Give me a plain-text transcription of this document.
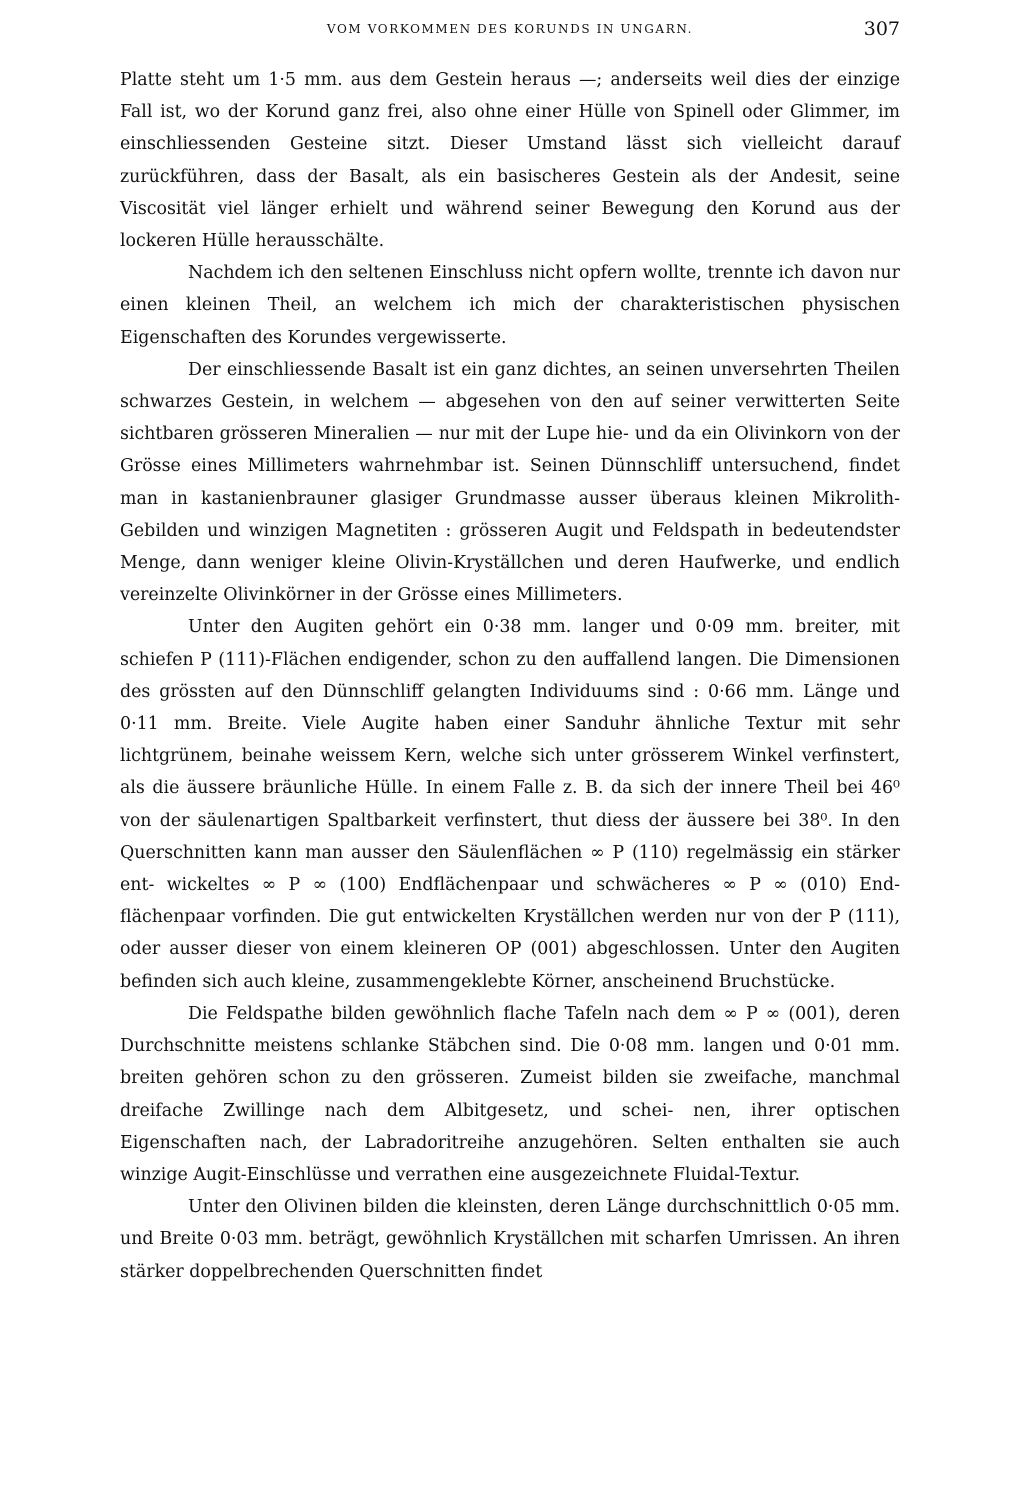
VOM VORKOMMEN DES KORUNDS IN UNGARN.	307

Platte steht um 1·5 mm. aus dem Gestein heraus —; anderseits weil dies der einzige Fall ist, wo der Korund ganz frei, also ohne einer Hülle von Spinell oder Glimmer, im einschliessenden Gesteine sitzt. Dieser Umstand lässt sich vielleicht darauf zurückführen, dass der Basalt, als ein basischeres Gestein als der Andesit, seine Viscosität viel länger erhielt und während seiner Bewegung den Korund aus der lockeren Hülle herausschälte.

Nachdem ich den seltenen Einschluss nicht opfern wollte, trennte ich davon nur einen kleinen Theil, an welchem ich mich der charakteristischen physischen Eigenschaften des Korundes vergewisserte.

Der einschliessende Basalt ist ein ganz dichtes, an seinen unversehrten Theilen schwarzes Gestein, in welchem — abgesehen von den auf seiner verwitterten Seite sichtbaren grösseren Mineralien — nur mit der Lupe hie- und da ein Olivinkorn von der Grösse eines Millimeters wahrnehmbar ist. Seinen Dünnschliff untersuchend, findet man in kastanienbrauner glasiger Grundmasse ausser überaus kleinen Mikrolith-Gebilden und winzigen Magnetiten : grösseren Augit und Feldspath in bedeutendster Menge, dann weniger kleine Olivin-Kryställchen und deren Haufwerke, und endlich vereinzelte Olivinkörner in der Grösse eines Millimeters.

Unter den Augiten gehört ein 0·38 mm. langer und 0·09 mm. breiter, mit schiefen P (111)-Flächen endigender, schon zu den auffallend langen. Die Dimensionen des grössten auf den Dünnschliff gelangten Individuums sind : 0·66 mm. Länge und 0·11 mm. Breite. Viele Augite haben einer Sanduhr ähnliche Textur mit sehr lichtgrünem, beinahe weissem Kern, welche sich unter grösserem Winkel verfinstert, als die äussere bräunliche Hülle. In einem Falle z. B. da sich der innere Theil bei 46⁰ von der säulenartigen Spaltbarkeit verfinstert, thut diess der äussere bei 38⁰. In den Querschnitten kann man ausser den Säulenflächen ∞ P (110) regelmässig ein stärker ent- wickeltes ∞ P ∞ (100) Endflächenpaar und schwächeres ∞ P ∞ (010) End- flächenpaar vorfinden. Die gut entwickelten Kryställchen werden nur von der P (111), oder ausser dieser von einem kleineren OP (001) abgeschlossen. Unter den Augiten befinden sich auch kleine, zusammengeklebte Körner, anscheinend Bruchstücke.

Die Feldspathe bilden gewöhnlich flache Tafeln nach dem ∞ P ∞ (001), deren Durchschnitte meistens schlanke Stäbchen sind. Die 0·08 mm. langen und 0·01 mm. breiten gehören schon zu den grösseren. Zumeist bilden sie zweifache, manchmal dreifache Zwillinge nach dem Albitgesetz, und schei- nen, ihrer optischen Eigenschaften nach, der Labradoritreihe anzugehören. Selten enthalten sie auch winzige Augit-Einschlüsse und verrathen eine ausgezeichnete Fluidal-Textur.

Unter den Olivinen bilden die kleinsten, deren Länge durchschnittlich 0·05 mm. und Breite 0·03 mm. beträgt, gewöhnlich Kryställchen mit scharfen Umrissen. An ihren stärker doppelbrechenden Querschnitten findet
